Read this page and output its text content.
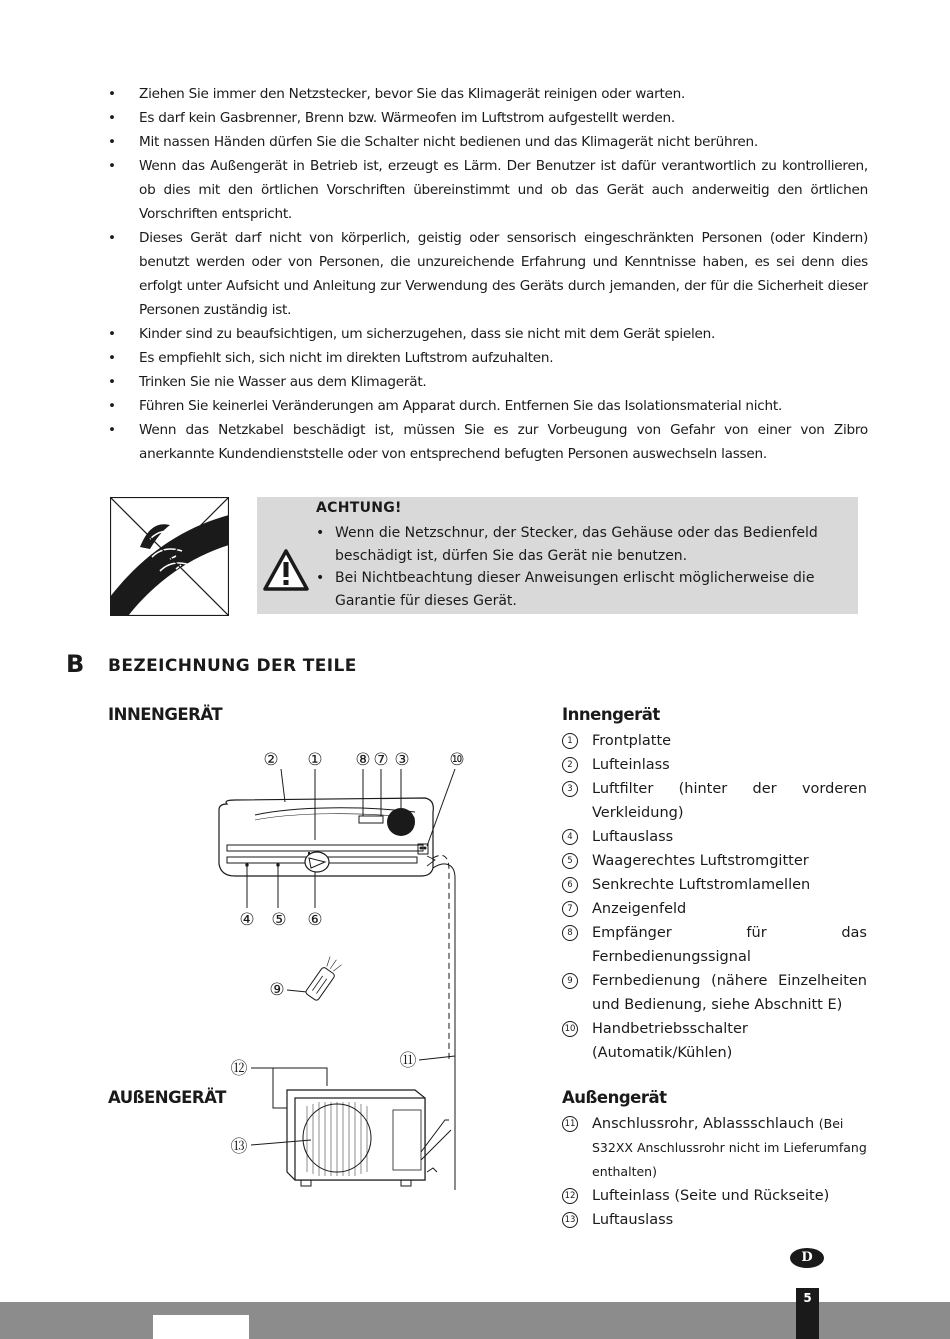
• Ziehen Sie immer den Netzstecker, bevor Sie das Klimagerät reinigen oder warten.
• Es darf kein Gasbrenner, Brenn bzw. Wärmeofen im Luftstrom aufgestellt werden.
• Mit nassen Händen dürfen Sie die Schalter nicht bedienen und das Klimagerät nicht berühren.
• Wenn das Außengerät in Betrieb ist, erzeugt es Lärm. Der Benutzer ist dafür verantwortlich zu kontrollieren, ob dies mit den örtlichen Vorschriften übereinstimmt und ob das Gerät auch anderweitig den örtlichen Vorschriften entspricht.
• Dieses Gerät darf nicht von körperlich, geistig oder sensorisch eingeschränkten Personen (oder Kindern) benutzt werden oder von Personen, die unzureichende Erfahrung und Kenntnisse haben, es sei denn dies erfolgt unter Aufsicht und Anleitung zur Verwendung des Geräts durch jemanden, der für die Sicherheit dieser Personen zuständig ist.
• Kinder sind zu beaufsichtigen, um sicherzugehen, dass sie nicht mit dem Gerät spielen.
• Es empfiehlt sich, sich nicht im direkten Luftstrom aufzuhalten.
• Trinken Sie nie Wasser aus dem Klimagerät.
• Führen Sie keinerlei Veränderungen am Apparat durch. Entfernen Sie das Isolationsmaterial nicht.
• Wenn das Netzkabel beschädigt ist, müssen Sie es zur Vorbeugung von Gefahr von einer von Zibro anerkannte Kundendienststelle oder von entsprechend befugten Personen auswechseln lassen.
ACHTUNG!
• Wenn die Netzschnur, der Stecker, das Gehäuse oder das Bedienfeld beschädigt ist, dürfen Sie das Gerät nie benutzen.
• Bei Nichtbeachtung dieser Anweisungen erlischt möglicherweise die Garantie für dieses Gerät.
B BEZEICHNUNG DER TEILE
INNENGERÄT
AUßENGERÄT
② ① ⑧ ⑦ ③ ⑩
④ ⑤ ⑥
⑨
⑪
⑫
⑬
Innengerät
1	Frontplatte
2	Lufteinlass
3	Luftfilter (hinter der vorderen Verkleidung)
4	Luftauslass
5	Waagerechtes Luftstromgitter
6	Senkrechte Luftstromlamellen
7	Anzeigenfeld
8	Empfänger für das Fernbedienungssignal
9	Fernbedienung (nähere Einzelheiten und Bedienung, siehe Abschnitt E)
10 Handbetriebsschalter (Automatik/Kühlen)
Außengerät
11 Anschlussrohr, Ablassschlauch (Bei S32XX Anschlussrohr nicht im Lieferumfang enthalten)
12 Lufteinlass (Seite und Rückseite)
13 Luftauslass
D
5
